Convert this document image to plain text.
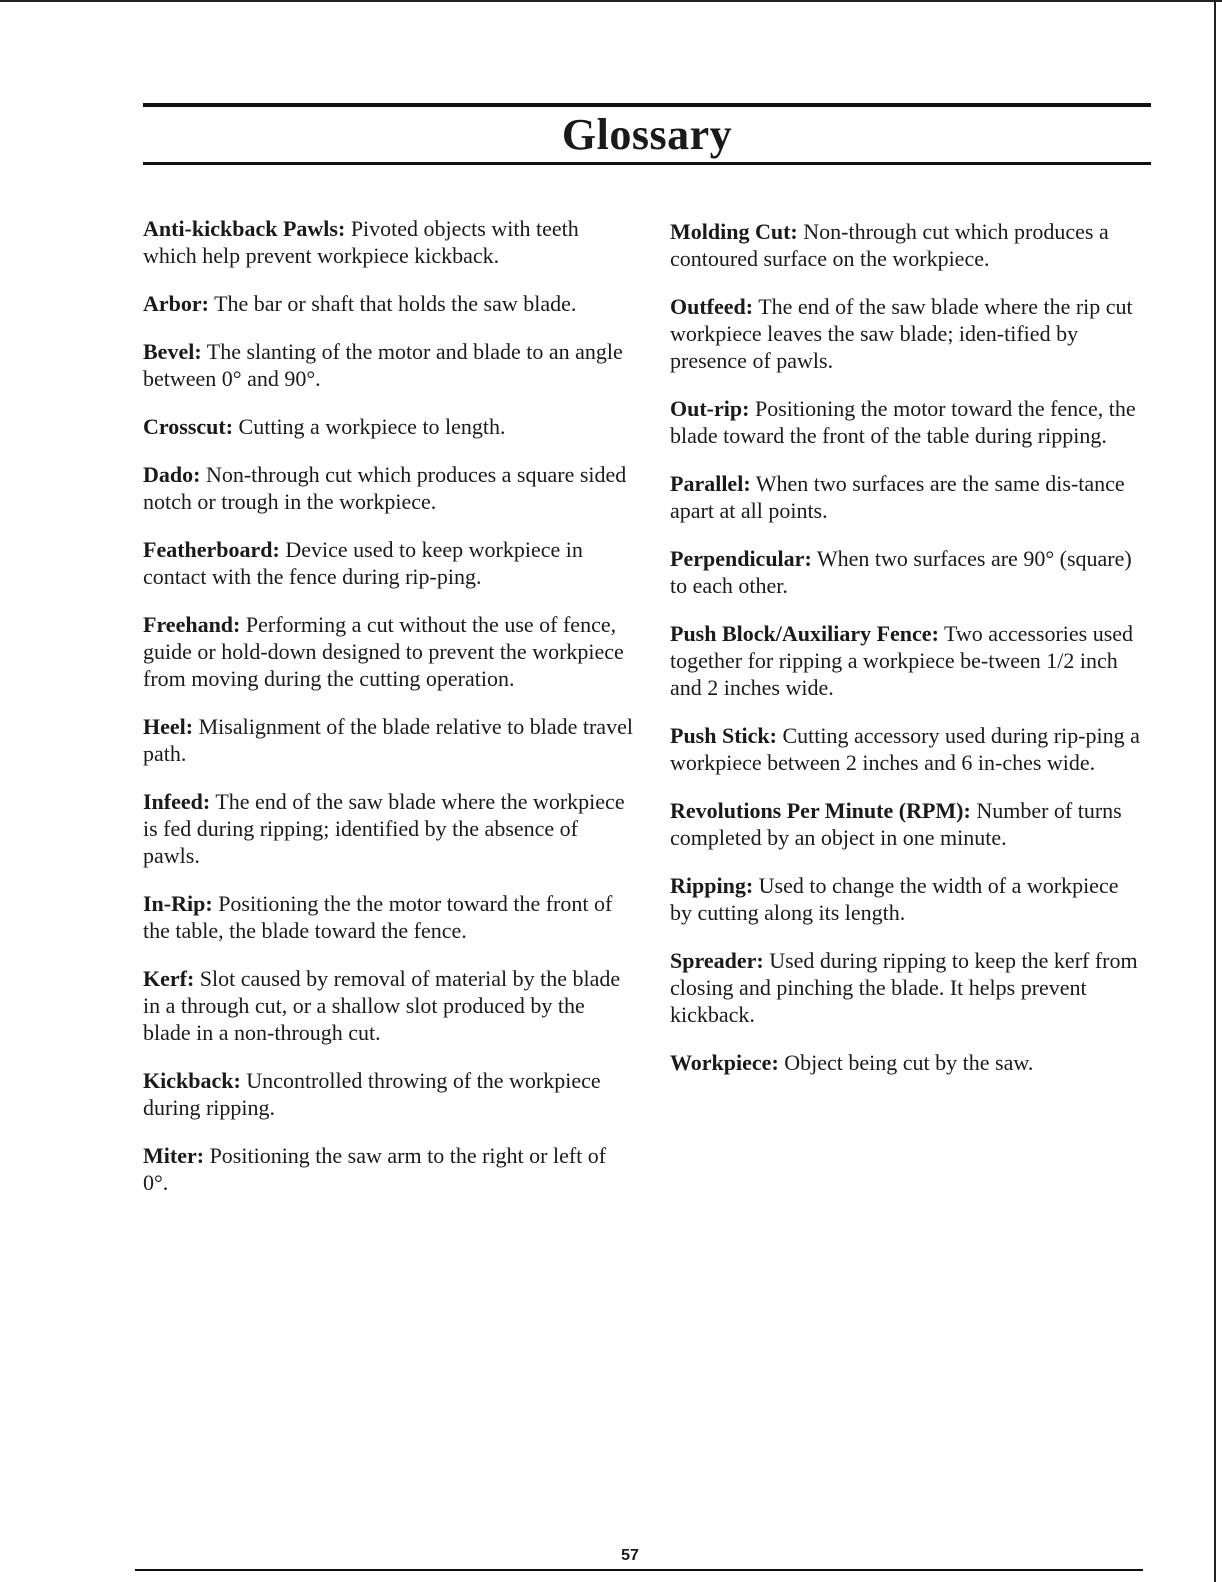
Glossary

Anti-kickback Pawls: Pivoted objects with teeth which help prevent workpiece kickback.

Arbor: The bar or shaft that holds the saw blade.

Bevel: The slanting of the motor and blade to an angle between 0° and 90°.

Crosscut: Cutting a workpiece to length.

Dado: Non-through cut which produces a square sided notch or trough in the workpiece.

Featherboard: Device used to keep workpiece in contact with the fence during rip-ping.

Freehand: Performing a cut without the use of fence, guide or hold-down designed to prevent the workpiece from moving during the cutting operation.

Heel: Misalignment of the blade relative to blade travel path.

Infeed: The end of the saw blade where the workpiece is fed during ripping; identified by the absence of pawls.

In-Rip: Positioning the the motor toward the front of the table, the blade toward the fence.

Kerf: Slot caused by removal of material by the blade in a through cut, or a shallow slot produced by the blade in a non-through cut.

Kickback: Uncontrolled throwing of the workpiece during ripping.

Miter: Positioning the saw arm to the right or left of 0°.

Molding Cut: Non-through cut which produces a contoured surface on the workpiece.

Outfeed: The end of the saw blade where the rip cut workpiece leaves the saw blade; iden-tified by presence of pawls.

Out-rip: Positioning the motor toward the fence, the blade toward the front of the table during ripping.

Parallel: When two surfaces are the same dis-tance apart at all points.

Perpendicular: When two surfaces are 90° (square) to each other.

Push Block/Auxiliary Fence: Two accessories used together for ripping a workpiece be-tween 1/2 inch and 2 inches wide.

Push Stick: Cutting accessory used during rip-ping a workpiece between 2 inches and 6 in-ches wide.

Revolutions Per Minute (RPM): Number of turns completed by an object in one minute.

Ripping: Used to change the width of a workpiece by cutting along its length.

Spreader: Used during ripping to keep the kerf from closing and pinching the blade. It helps prevent kickback.

Workpiece: Object being cut by the saw.

57
